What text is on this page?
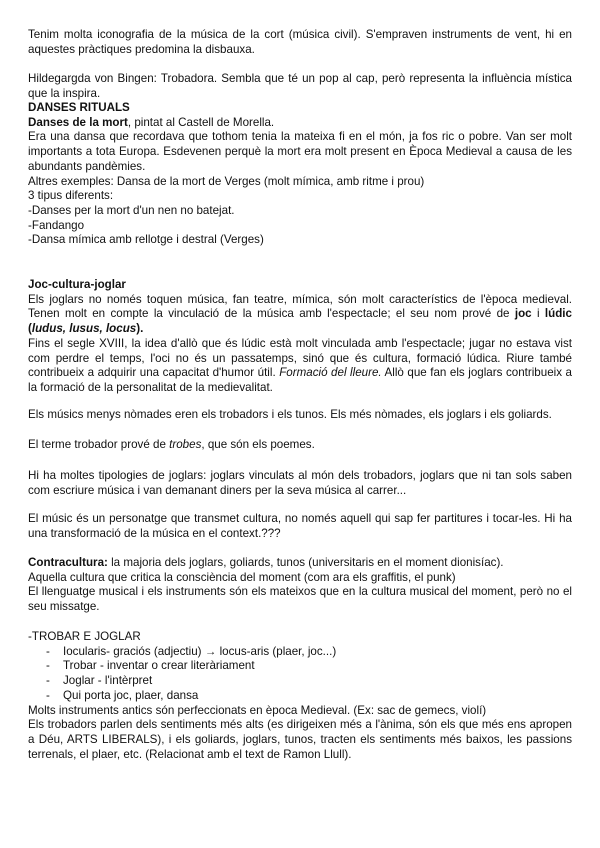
Tenim molta iconografia de la música de la cort (música civil). S'empraven instruments de vent, hi en aquestes pràctiques predomina la disbauxa.

Hildegargda von Bingen: Trobadora. Sembla que té un pop al cap, però representa la influència mística que la inspira.

DANSES RITUALS

Danses de la mort, pintat al Castell de Morella.

Era una dansa que recordava que tothom tenia la mateixa fi en el món, ja fos ric o pobre. Van ser molt importants a tota Europa. Esdevenen perquè la mort era molt present en Època Medieval a causa de les abundants pandèmies.

Altres exemples: Dansa de la mort de Verges (molt mímica, amb ritme i prou)

3 tipus diferents:

-Danses per la mort d'un nen no batejat.

-Fandango

-Dansa mímica amb rellotge i destral (Verges)

Joc-cultura-joglar

Els joglars no només toquen música, fan teatre, mímica, són molt característics de l'època medieval. Tenen molt en compte la vinculació de la música amb l'espectacle; el seu nom prové de joc i lúdic (ludus, lusus, locus).

Fins el segle XVIII, la idea d'allò que és lúdic està molt vinculada amb l'espectacle; jugar no estava vist com perdre el temps, l'oci no és un passatemps, sinó que és cultura, formació lúdica. Riure també contribueix a adquirir una capacitat d'humor útil. Formació del lleure. Allò que fan els joglars contribueix a la formació de la personalitat de la medievalitat.

Els músics menys nòmades eren els trobadors i els tunos. Els més nòmades, els joglars i els goliards.

El terme trobador prové de trobes, que són els poemes.

Hi ha moltes tipologies de joglars: joglars vinculats al món dels trobadors, joglars que ni tan sols saben com escriure música i van demanant diners per la seva música al carrer...

El músic és un personatge que transmet cultura, no només aquell qui sap fer partitures i tocar-les. Hi ha una transformació de la música en el context.???

Contracultura: la majoria dels joglars, goliards, tunos (universitaris en el moment dionisíac).

Aquella cultura que critica la consciència del moment (com ara els graffitis, el punk)

El llenguatge musical i els instruments són els mateixos que en la cultura musical del moment, però no el seu missatge.

-TROBAR E JOGLAR

- Iocularis- graciós (adjectiu) → locus-aris (plaer, joc...)
- Trobar - inventar o crear literàriament
- Joglar - l'intèrpret
- Qui porta joc, plaer, dansa

Molts instruments antics són perfeccionats en època Medieval. (Ex: sac de gemecs, violí)

Els trobadors parlen dels sentiments més alts (es dirigeixen més a l'ànima, són els que més ens apropen a Déu, ARTS LIBERALS), i els goliards, joglars, tunos, tracten els sentiments més baixos, les passions terrenals, el plaer, etc. (Relacionat amb el text de Ramon Llull).
